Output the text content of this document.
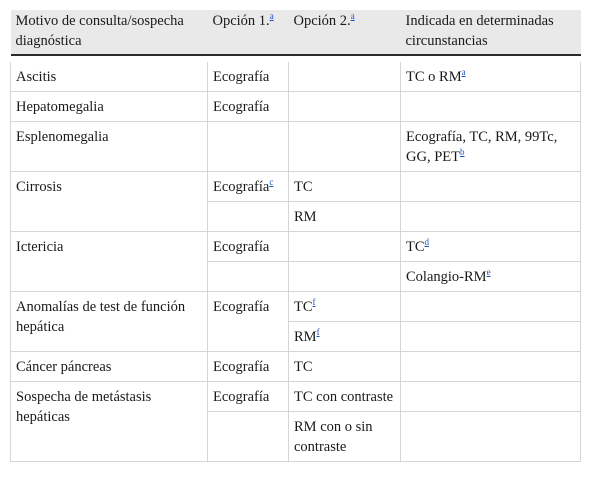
Motivo de consulta/sospecha diagnóstica	Opción 1.$^a$	Opción 2.$^a$	Indicada en determinadas circunstancias

Ascitis	Ecografía		TC o RM$^a$
Hepatomegalia	Ecografía		
Esplenomegalia			Ecografía, TC, RM, 99Tc, GG, PET$^b$
Cirrosis	Ecografía$^c$	TC	
		RM	
Ictericia	Ecografía		TC$^d$
			Colangio-RM$^e$
Anomalías de test de función hepática	Ecografía	TC$^f$	
		RM$^f$	
Cáncer páncreas	Ecografía	TC	
Sospecha de metástasis hepáticas	Ecografía	TC con contraste	
		RM con o sin contraste	
